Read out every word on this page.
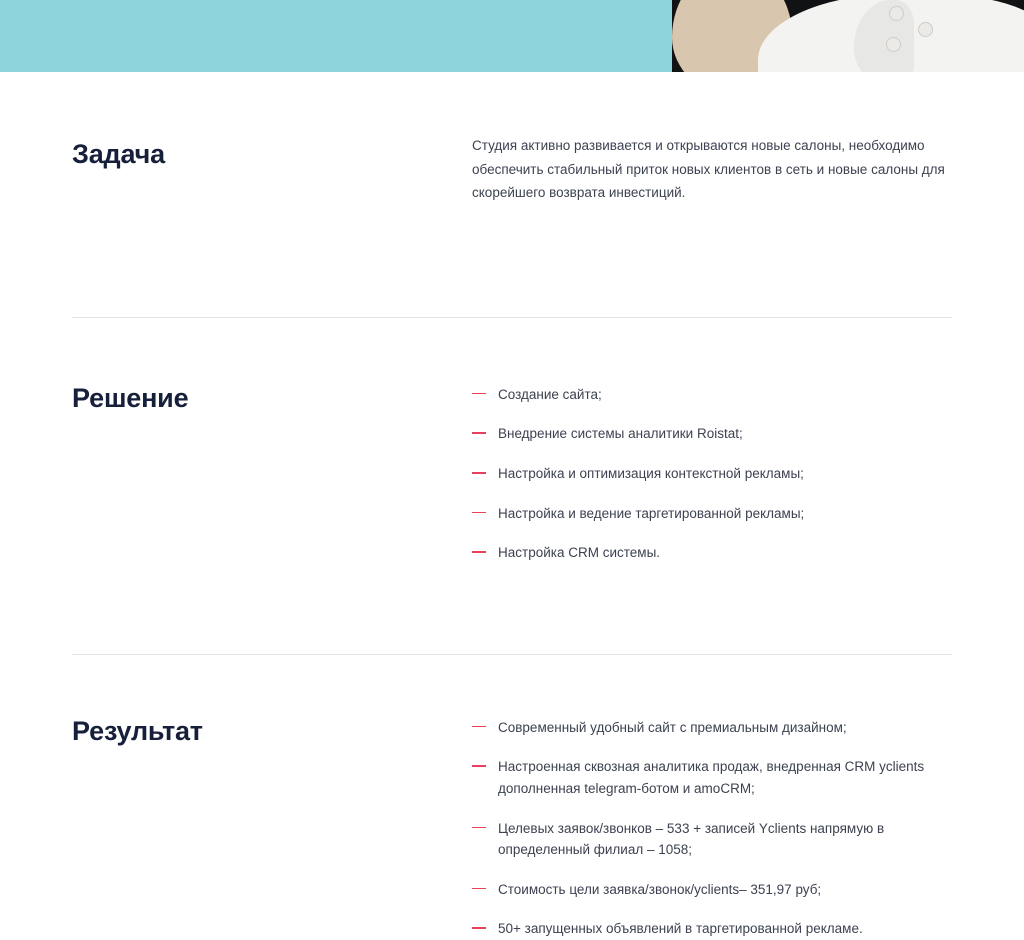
Задача	Студия активно развивается и открываются новые салоны, необходимо обеспечить стабильный приток новых клиентов в сеть и новые салоны для скорейшего возврата инвестиций.

Решение	Создание сайта;
Внедрение системы аналитики Roistat;
Настройка и оптимизация контекстной рекламы;
Настройка и ведение таргетированной рекламы;
Настройка CRM системы.
Результат	Современный удобный сайт с премиальным дизайном;
Настроенная сквозная аналитика продаж, внедренная CRM yclients дополненная telegram-ботом и amoCRM;
Целевых заявок/звонков – 533 + записей Yclients напрямую в определенный филиал – 1058;
Стоимость цели заявка/звонок/yclients– 351,97 руб;
50+ запущенных объявлений в таргетированной рекламе.
